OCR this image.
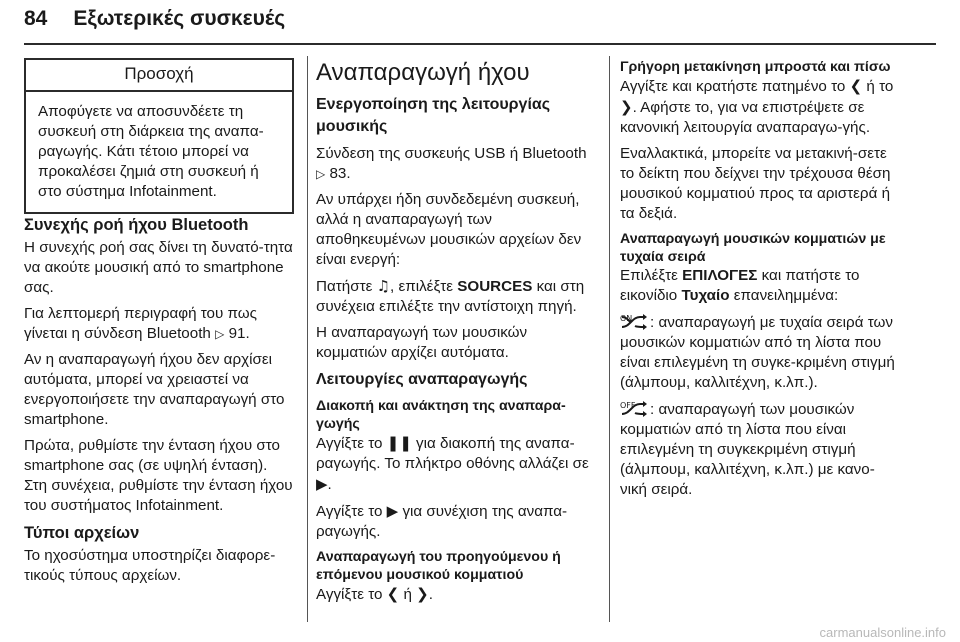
84 Εξωτερικές συσκευές
Προσοχή
Αποφύγετε να αποσυνδέετε τη συσκευή στη διάρκεια της αναπα-ραγωγής. Κάτι τέτοιο μπορεί να προκαλέσει ζημιά στη συσκευή ή στο σύστημα Infotainment.
Συνεχής ροή ήχου Bluetooth

Η συνεχής ροή σας δίνει τη δυνατό-τητα να ακούτε μουσική από το smartphone σας.

Για λεπτομερή περιγραφή του πως γίνεται η σύνδεση Bluetooth ▷ 91.

Αν η αναπαραγωγή ήχου δεν αρχίσει αυτόματα, μπορεί να χρειαστεί να ενεργοποιήσετε την αναπαραγωγή στο smartphone.

Πρώτα, ρυθμίστε την ένταση ήχου στο smartphone σας (σε υψηλή ένταση). Στη συνέχεια, ρυθμίστε την ένταση ήχου του συστήματος Infotainment.

Τύποι αρχείων

Το ηχοσύστημα υποστηρίζει διαφορε-τικούς τύπους αρχείων.

Αναπαραγωγή ήχου
Ενεργοποίηση της λειτουργίας μουσικής

Σύνδεση της συσκευής USB ή Bluetooth ▷ 83.

Αν υπάρχει ήδη συνδεδεμένη συσκευή, αλλά η αναπαραγωγή των αποθηκευμένων μουσικών αρχείων δεν είναι ενεργή:

Πατήστε ♫, επιλέξτε SOURCES και στη συνέχεια επιλέξτε την αντίστοιχη πηγή.

Η αναπαραγωγή των μουσικών κομματιών αρχίζει αυτόματα.

Λειτουργίες αναπαραγωγής
Διακοπή και ανάκτηση της αναπαρα-γωγής

Αγγίξτε το ❚❚ για διακοπή της αναπα-ραγωγής. Το πλήκτρο οθόνης αλλάζει σε ▶.

Αγγίξτε το ▶ για συνέχιση της αναπα-ραγωγής.

Αναπαραγωγή του προηγούμενου ή επόμενου μουσικού κομματιού

Αγγίξτε το ❮ ή ❯.

Γρήγορη μετακίνηση μπροστά και πίσω

Αγγίξτε και κρατήστε πατημένο το ❮ ή το ❯. Αφήστε το, για να επιστρέψετε σε κανονική λειτουργία αναπαραγω-γής.

Εναλλακτικά, μπορείτε να μετακινή-σετε το δείκτη που δείχνει την τρέχουσα θέση μουσικού κομματιού προς τα αριστερά ή τα δεξιά.

Αναπαραγωγή μουσικών κομματιών με τυχαία σειρά

Επιλέξτε ΕΠΙΛΟΓΕΣ και πατήστε το εικονίδιο Τυχαίο επανειλημμένα:

ON : αναπαραγωγή με τυχαία σειρά των μουσικών κομματιών από τη λίστα που είναι επιλεγμένη τη συγκε-κριμένη στιγμή (άλμπουμ, καλλιτέχνη, κ.λπ.).

OFF : αναπαραγωγή των μουσικών κομματιών από τη λίστα που είναι επιλεγμένη τη συγκεκριμένη στιγμή (άλμπουμ, καλλιτέχνη, κ.λπ.) με κανο-νική σειρά.

carmanualsonline.info
